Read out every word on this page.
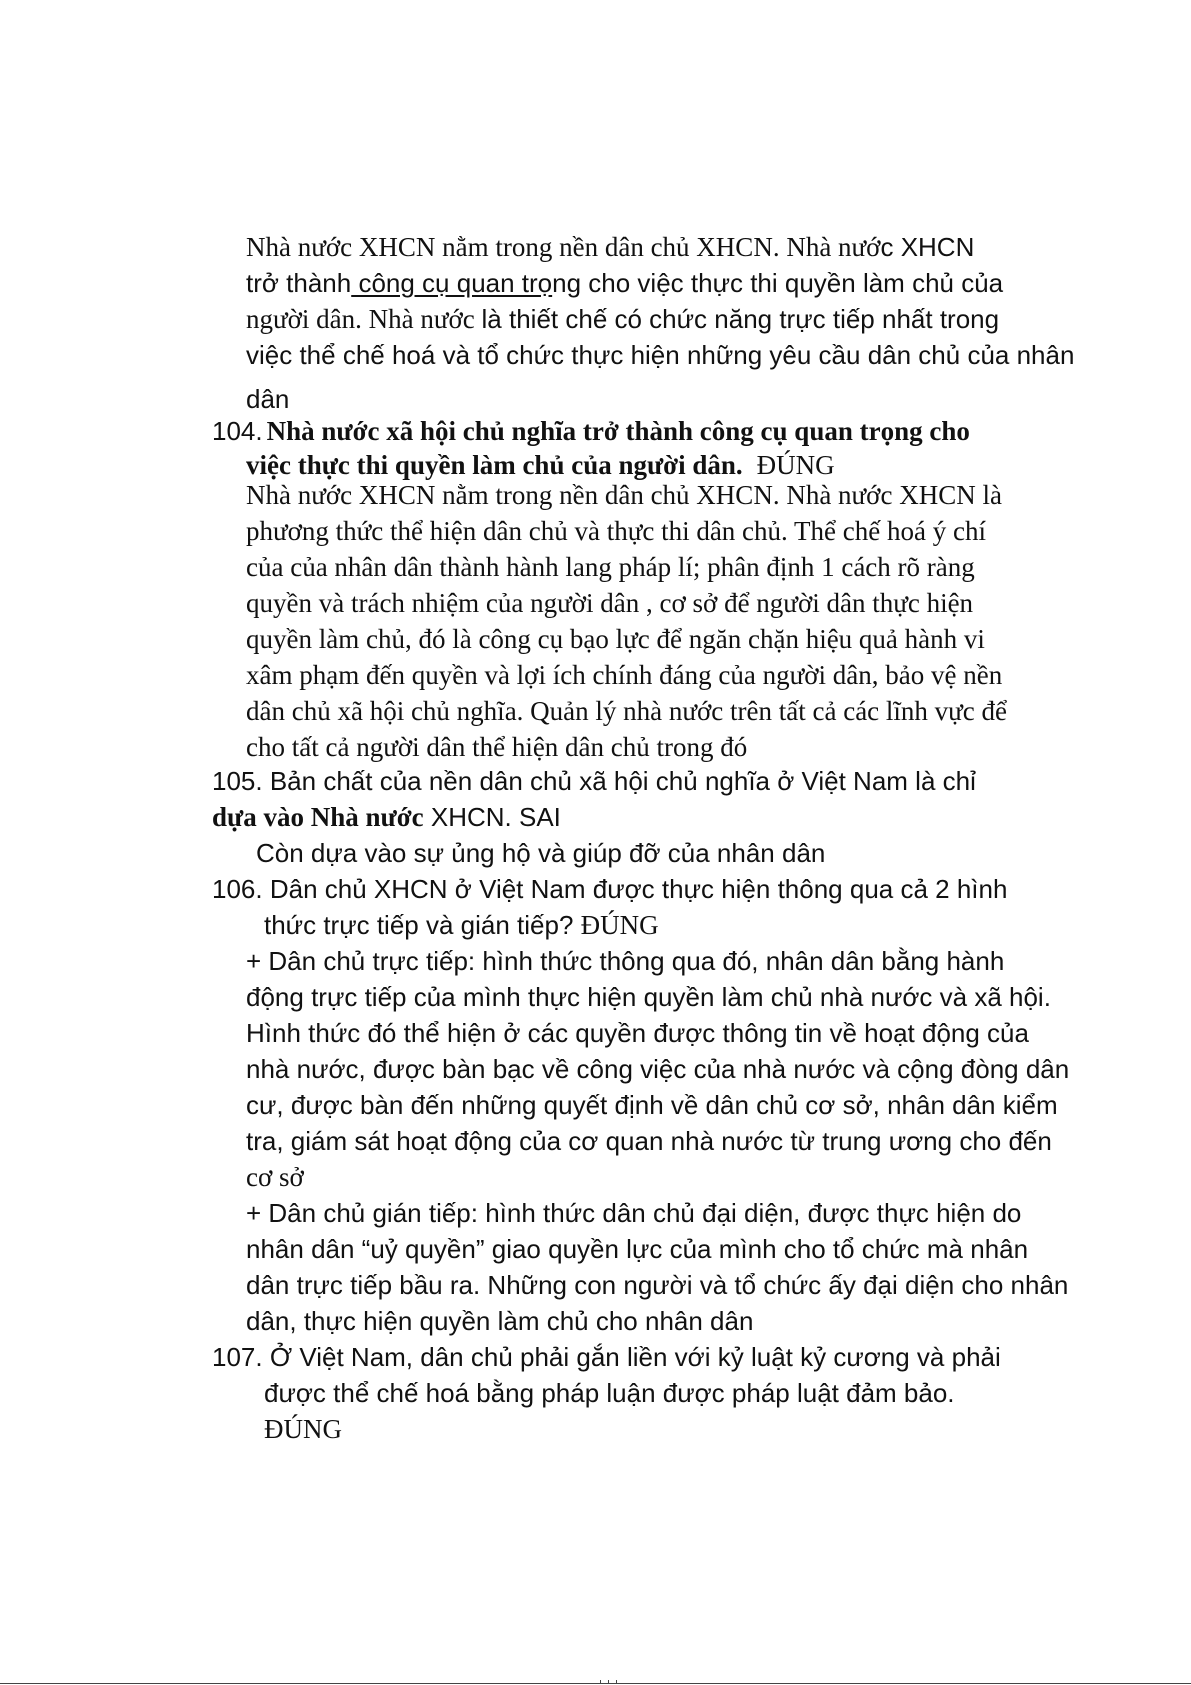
Nhà nước XHCN nằm trong nền dân chủ XHCN. Nhà nước XHCN
trở thành công cụ quan trọng cho việc thực thi quyền làm chủ của
người dân. Nhà nước là thiết chế có chức năng trực tiếp nhất trong
việc thể chế hoá và tổ chức thực hiện những yêu cầu dân chủ của nhân
dân
104. Nhà nước xã hội chủ nghĩa trở thành công cụ quan trọng cho
việc thực thi quyền làm chủ của người dân. ĐÚNG
Nhà nước XHCN nằm trong nền dân chủ XHCN. Nhà nước XHCN là
phương thức thể hiện dân chủ và thực thi dân chủ. Thể chế hoá ý chí
của của nhân dân thành hành lang pháp lí; phân định 1 cách rõ ràng
quyền và trách nhiệm của người dân , cơ sở để người dân thực hiện
quyền làm chủ, đó là công cụ bạo lực để ngăn chặn hiệu quả hành vi
xâm phạm đến quyền và lợi ích chính đáng của người dân, bảo vệ nền
dân chủ xã hội chủ nghĩa. Quản lý nhà nước trên tất cả các lĩnh vực để
cho tất cả người dân thể hiện dân chủ trong đó
105. Bản chất của nền dân chủ xã hội chủ nghĩa ở Việt Nam là chỉ
dựa vào Nhà nước XHCN. SAI
Còn dựa vào sự ủng hộ và giúp đỡ của nhân dân
106. Dân chủ XHCN ở Việt Nam được thực hiện thông qua cả 2 hình
thức trực tiếp và gián tiếp? ĐÚNG
+ Dân chủ trực tiếp: hình thức thông qua đó, nhân dân bằng hành
động trực tiếp của mình thực hiện quyền làm chủ nhà nước và xã hội.
Hình thức đó thể hiện ở các quyền được thông tin về hoạt động của
nhà nước, được bàn bạc về công việc của nhà nước và cộng đòng dân
cư, được bàn đến những quyết định về dân chủ cơ sở, nhân dân kiểm
tra, giám sát hoạt động của cơ quan nhà nước từ trung ương cho đến
cơ sở
+ Dân chủ gián tiếp: hình thức dân chủ đại diện, được thực hiện do
nhân dân “uỷ quyền” giao quyền lực của mình cho tổ chức mà nhân
dân trực tiếp bầu ra. Những con người và tổ chức ấy đại diện cho nhân
dân, thực hiện quyền làm chủ cho nhân dân
107. Ở Việt Nam, dân chủ phải gắn liền với kỷ luật kỷ cương và phải
được thể chế hoá bằng pháp luận được pháp luật đảm bảo.
ĐÚNG
